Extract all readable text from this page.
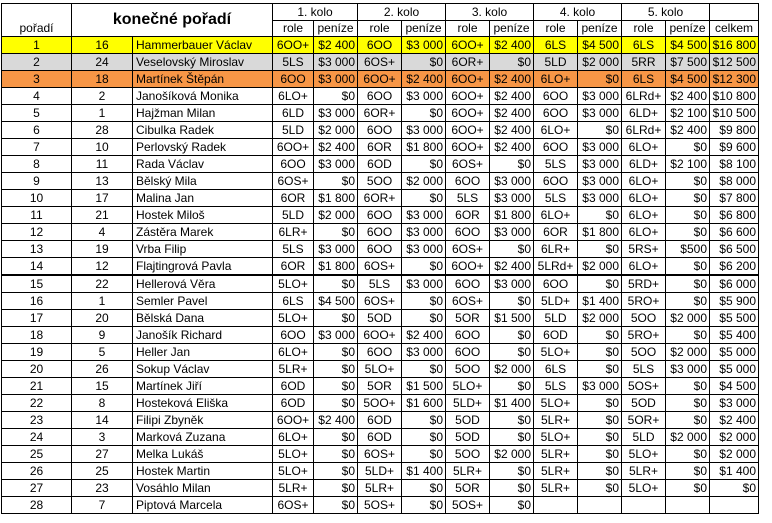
pořadí	konečné pořadí		1. kolo		2. kolo		3. kolo		4. kolo		5. kolo		
			role	peníze	role	peníze	role	peníze	role	peníze	role	peníze	celkem
1	16	Hammerbauer Václav	6OO+	$2 400	6OO	$3 000	6OO+	$2 400	6LS	$4 500	6LS	$4 500	$16 800
2	24	Veselovský Miroslav	5LS	$3 000	6OS+	$0	6OR+	$0	5LD	$2 000	5RR	$7 500	$12 500
3	18	Martínek Štěpán	6OO	$3 000	6OO+	$2 400	6OO+	$2 400	6LO+	$0	6LS	$4 500	$12 300
4	2	Janošíková Monika	6LO+	$0	6OO	$3 000	6OO+	$2 400	6OO	$3 000	6LRd+	$2 400	$10 800
5	1	Hajžman Milan	6LD	$3 000	6OR+	$0	6OO+	$2 400	6OO	$3 000	6LD+	$2 100	$10 500
6	28	Cibulka Radek	5LD	$2 000	6OO	$3 000	6OO+	$2 400	6LO+	$0	6LRd+	$2 400	$9 800
7	10	Perlovský Radek	6OO+	$2 400	6OR	$1 800	6OO+	$2 400	6OO	$3 000	6LO+	$0	$9 600
8	11	Rada Václav	6OO	$3 000	6OD	$0	6OS+	$0	5LS	$3 000	6LD+	$2 100	$8 100
9	13	Bělský Mila	6OS+	$0	5OO	$2 000	6OO	$3 000	6OO	$3 000	6LO+	$0	$8 000
10	17	Malina Jan	6OR	$1 800	6OR+	$0	5LS	$3 000	5LS	$3 000	6LO+	$0	$7 800
11	21	Hostek Miloš	5LD	$2 000	6OO	$3 000	6OR	$1 800	6LO+	$0	6LO+	$0	$6 800
12	4	Zástěra Marek	6LR+	$0	6OO	$3 000	6OO	$3 000	6OR	$1 800	6LO+	$0	$6 600
13	19	Vrba Filip	5LS	$3 000	6OO	$3 000	6OS+	$0	6LR+	$0	5RS+	$500	$6 500
14	12	Flajtingrová Pavla	6OR	$1 800	6OS+	$0	6OO+	$2 400	5LRd+	$2 000	6LO+	$0	$6 200
15	22	Hellerová Věra	5LO+	$0	5LS	$3 000	6OO	$3 000	6OO	$0	5RD+	$0	$6 000
16	1	Semler Pavel	6LS	$4 500	6OS+	$0	6OS+	$0	5LD+	$1 400	5RO+	$0	$5 900
17	20	Bělská Dana	5LO+	$0	5OD	$0	5OR	$1 500	5LD	$2 000	5OO	$2 000	$5 500
18	9	Janošík Richard	6OO	$3 000	6OO+	$2 400	6OO	$0	6OD	$0	5RO+	$0	$5 400
19	5	Heller Jan	6LO+	$0	6OO	$3 000	6OO	$0	5LO+	$0	5OO	$2 000	$5 000
20	26	Sokup Václav	5LR+	$0	5LO+	$0	5OO	$2 000	6LS	$0	5LS	$3 000	$5 000
21	15	Martínek Jiří	6OD	$0	5OR	$1 500	5LO+	$0	5LS	$3 000	5OS+	$0	$4 500
22	8	Hosteková Eliška	6OD	$0	5OO+	$1 600	5LD+	$1 400	5LO+	$0	5OD	$0	$3 000
23	14	Filipi Zbyněk	6OO+	$2 400	6OD	$0	5OD	$0	5LR+	$0	5OR+	$0	$2 400
24	3	Marková Zuzana	6LO+	$0	6OD	$0	5OD	$0	5LO+	$0	5LD	$2 000	$2 000
25	27	Melka Lukáš	5LO+	$0	6OS+	$0	5OO	$2 000	5LR+	$0	5LO+	$0	$2 000
26	25	Hostek Martin	5LO+	$0	5LD+	$1 400	5LR+	$0	5LR+	$0	5LR+	$0	$1 400
27	23	Vosáhlo Milan	5LR+	$0	5LR+	$0	5OR	$0	5LR+	$0	5LO+	$0	$0
28	7	Piptová Marcela	6OS+	$0	5OS+	$0	5OS+	$0					
